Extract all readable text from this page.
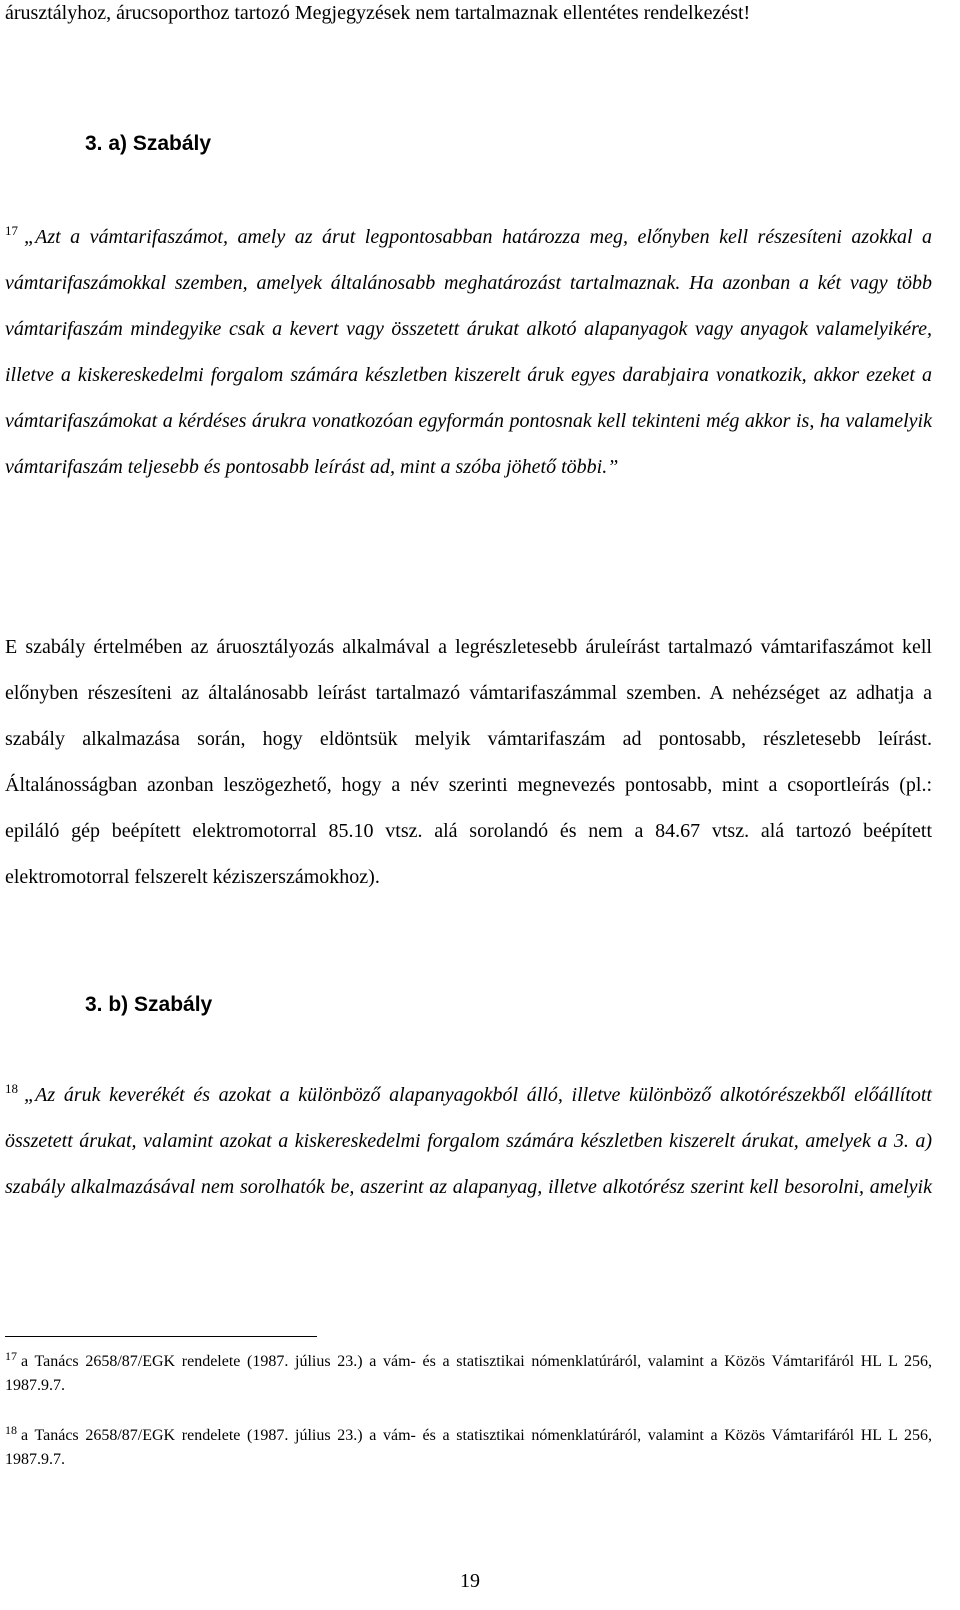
árusztályhoz, árucsoporthoz tartozó Megjegyzések nem tartalmaznak ellentétes rendelkezést!

3. a) Szabály

$^{17}$ „Azt a vámtarifaszámot, amely az árut legpontosabban határozza meg, előnyben kell részesíteni azokkal a vámtarifaszámokkal szemben, amelyek általánosabb meghatározást tartalmaznak. Ha azonban a két vagy több vámtarifaszám mindegyike csak a kevert vagy összetett árukat alkotó alapanyagok vagy anyagok valamelyikére, illetve a kiskereskedelmi forgalom számára készletben kiszerelt áruk egyes darabjaira vonatkozik, akkor ezeket a vámtarifaszámokat a kérdéses árukra vonatkozóan egyformán pontosnak kell tekinteni még akkor is, ha valamelyik vámtarifaszám teljesebb és pontosabb leírást ad, mint a szóba jöhető többi.”

E szabály értelmében az áruosztályozás alkalmával a legrészletesebb áruleírást tartalmazó vámtarifaszámot kell előnyben részesíteni az általánosabb leírást tartalmazó vámtarifaszámmal szemben. A nehézséget az adhatja a szabály alkalmazása során, hogy eldöntsük melyik vámtarifaszám ad pontosabb, részletesebb leírást. Általánosságban azonban leszögezhető, hogy a név szerinti megnevezés pontosabb, mint a csoportleírás (pl.: epiláló gép beépített elektromotorral 85.10 vtsz. alá sorolandó és nem a 84.67 vtsz. alá tartozó beépített elektromotorral felszerelt kéziszerszámokhoz).

3. b) Szabály

$^{18}$ „Az áruk keverékét és azokat a különböző alapanyagokból álló, illetve különböző alkotórészekből előállított összetett árukat, valamint azokat a kiskereskedelmi forgalom számára készletben kiszerelt árukat, amelyek a 3. a) szabály alkalmazásával nem sorolhatók be, aszerint az alapanyag, illetve alkotórész szerint kell besorolni, amelyik

$^{17}$ a Tanács 2658/87/EGK rendelete (1987. július 23.) a vám- és a statisztikai nómenklatúráról, valamint a Közös Vámtarifáról HL L 256, 1987.9.7.

$^{18}$ a Tanács 2658/87/EGK rendelete (1987. július 23.) a vám- és a statisztikai nómenklatúráról, valamint a Közös Vámtarifáról HL L 256, 1987.9.7.

19
